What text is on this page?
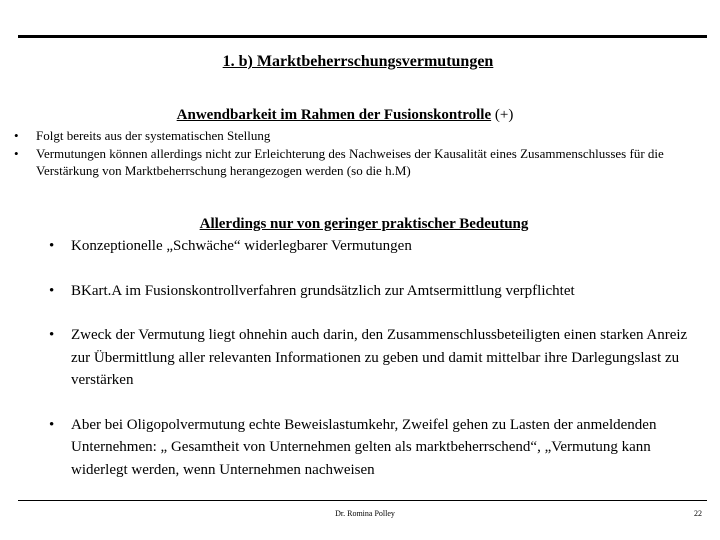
1. b) Marktbeherrschungsvermutungen
Anwendbarkeit im Rahmen der Fusionskontrolle (+)
• Folgt bereits aus der systematischen Stellung
• Vermutungen können allerdings nicht zur Erleichterung des Nachweises der Kausalität eines Zusammenschlusses für die Verstärkung von Marktbeherrschung herangezogen werden (so die h.M)
Allerdings nur von geringer praktischer Bedeutung
• Konzeptionelle „Schwäche“ widerlegbarer Vermutungen
• BKart.A im Fusionskontrollverfahren grundsätzlich zur Amtsermittlung verpflichtet
• Zweck der Vermutung liegt ohnehin auch darin, den Zusammenschlussbeteiligten einen starken Anreiz zur Übermittlung aller relevanten Informationen zu geben und damit mittelbar ihre Darlegungslast zu verstärken
• Aber bei Oligopolvermutung echte Beweislastumkehr, Zweifel gehen zu Lasten der anmeldenden Unternehmen: „ Gesamtheit von Unternehmen gelten als marktbeherrschend“, „Vermutung kann widerlegt werden, wenn Unternehmen nachweisen
Dr. Romina Polley	22
